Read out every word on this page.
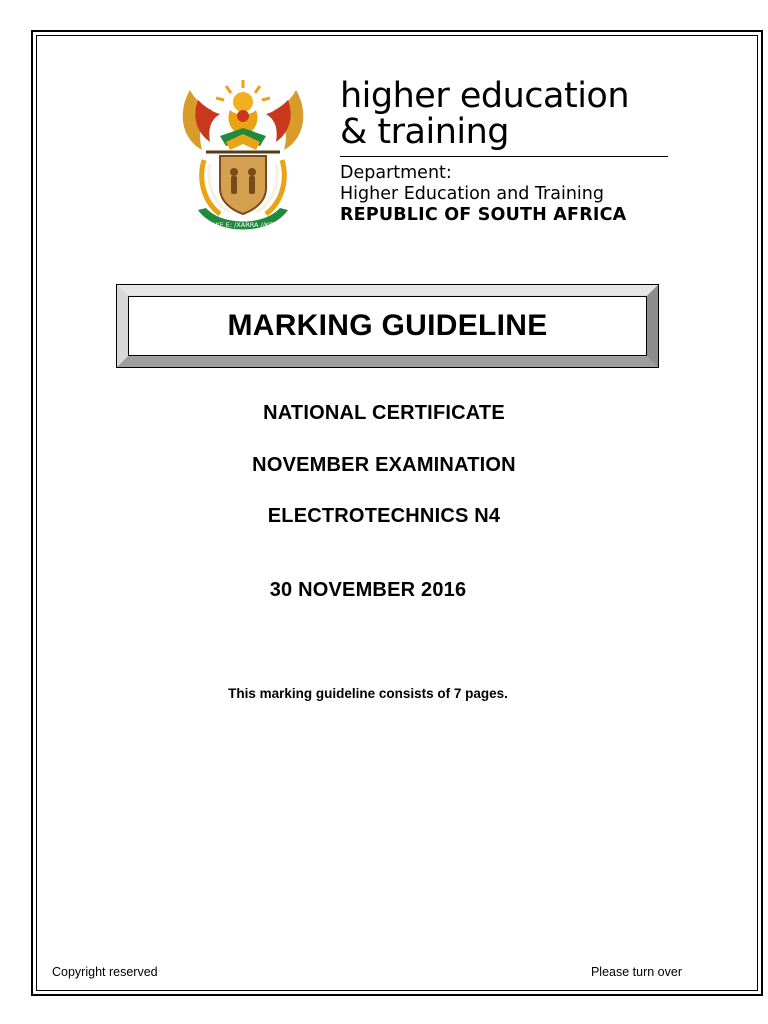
!KE E: /XARRA //KE
higher education
& training
Department:
Higher Education and Training
REPUBLIC OF SOUTH AFRICA
MARKING GUIDELINE
NATIONAL CERTIFICATE
NOVEMBER EXAMINATION
ELECTROTECHNICS N4
30 NOVEMBER 2016
This marking guideline consists of 7 pages.
Copyright reserved	Please turn over
